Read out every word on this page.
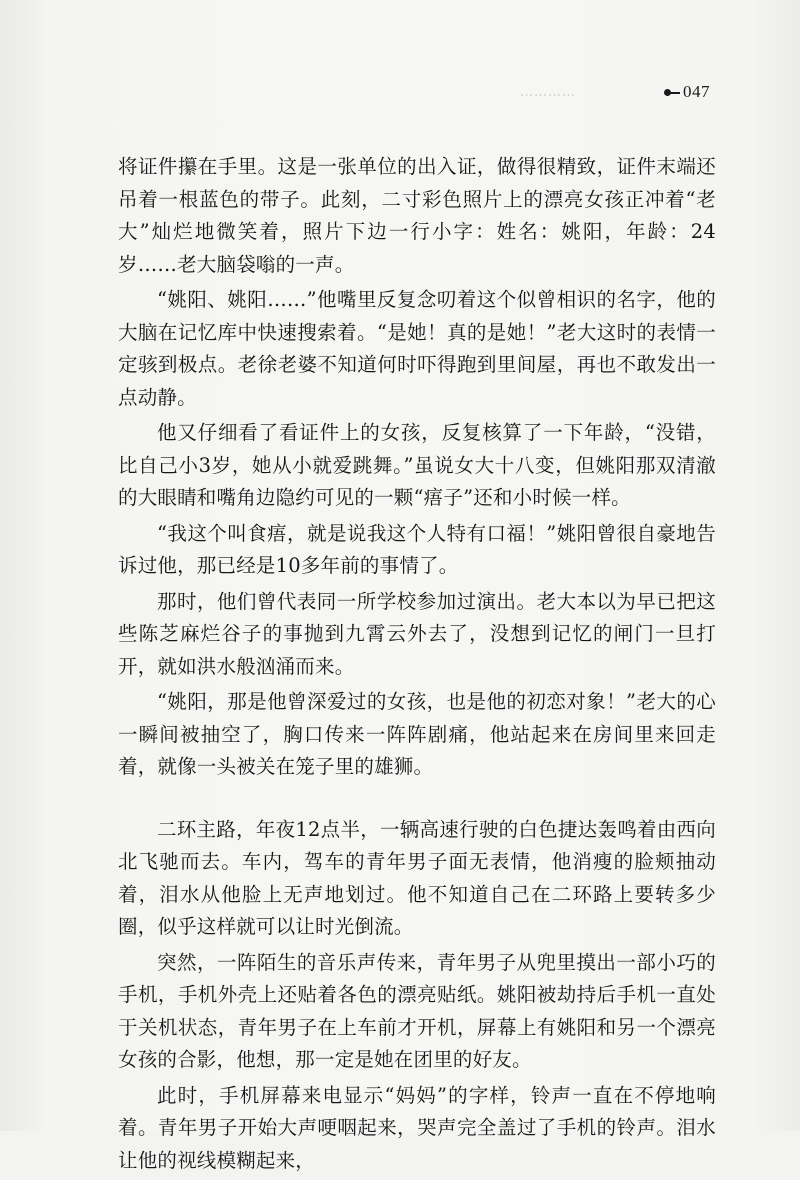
…………	047

将证件攥在手里。这是一张单位的出入证，做得很精致，证件末端还吊着一根蓝色的带子。此刻，二寸彩色照片上的漂亮女孩正冲着“老大”灿烂地微笑着，照片下边一行小字：姓名：姚阳，年龄：24岁……老大脑袋嗡的一声。

“姚阳、姚阳……”他嘴里反复念叨着这个似曾相识的名字，他的大脑在记忆库中快速搜索着。“是她！真的是她！”老大这时的表情一定骇到极点。老徐老婆不知道何时吓得跑到里间屋，再也不敢发出一点动静。

他又仔细看了看证件上的女孩，反复核算了一下年龄，“没错，比自己小3岁，她从小就爱跳舞。”虽说女大十八变，但姚阳那双清澈的大眼睛和嘴角边隐约可见的一颗“痦子”还和小时候一样。

“我这个叫食痦，就是说我这个人特有口福！”姚阳曾很自豪地告诉过他，那已经是10多年前的事情了。

那时，他们曾代表同一所学校参加过演出。老大本以为早已把这些陈芝麻烂谷子的事抛到九霄云外去了，没想到记忆的闸门一旦打开，就如洪水般汹涌而来。

“姚阳，那是他曾深爱过的女孩，也是他的初恋对象！”老大的心一瞬间被抽空了，胸口传来一阵阵剧痛，他站起来在房间里来回走着，就像一头被关在笼子里的雄狮。

二环主路，年夜12点半，一辆高速行驶的白色捷达轰鸣着由西向北飞驰而去。车内，驾车的青年男子面无表情，他消瘦的脸颊抽动着，泪水从他脸上无声地划过。他不知道自己在二环路上要转多少圈，似乎这样就可以让时光倒流。

突然，一阵陌生的音乐声传来，青年男子从兜里摸出一部小巧的手机，手机外壳上还贴着各色的漂亮贴纸。姚阳被劫持后手机一直处于关机状态，青年男子在上车前才开机，屏幕上有姚阳和另一个漂亮女孩的合影，他想，那一定是她在团里的好友。

此时，手机屏幕来电显示“妈妈”的字样，铃声一直在不停地响着。青年男子开始大声哽咽起来，哭声完全盖过了手机的铃声。泪水让他的视线模糊起来，
